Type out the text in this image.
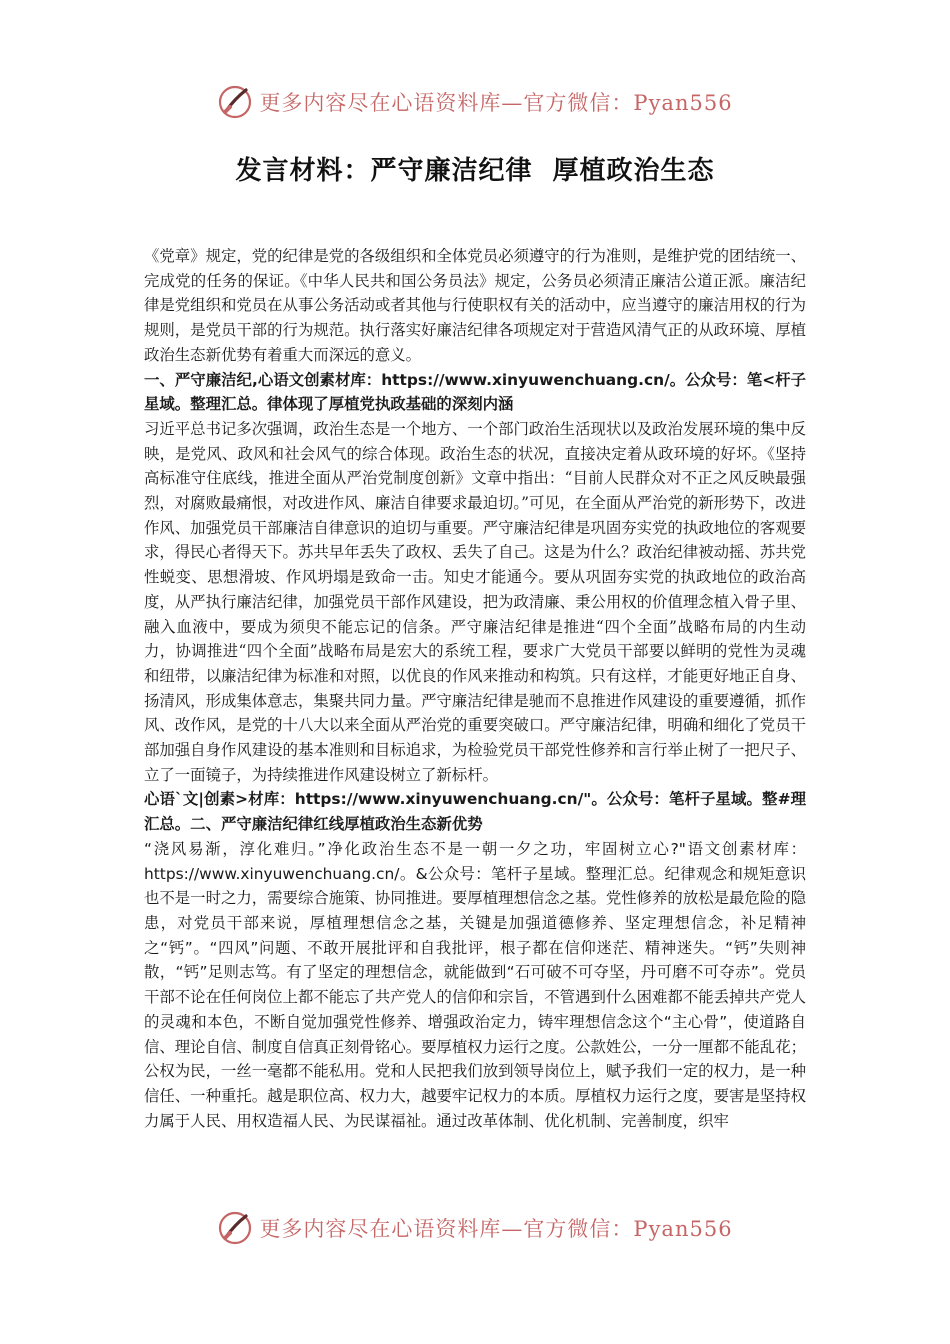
更多内容尽在心语资料库—官方微信：Pyan556
发言材料：严守廉洁纪律  厚植政治生态

《党章》规定，党的纪律是党的各级组织和全体党员必须遵守的行为准则，是维护党的团结统一、完成党的任务的保证。《中华人民共和国公务员法》规定，公务员必须清正廉洁公道正派。廉洁纪律是党组织和党员在从事公务活动或者其他与行使职权有关的活动中，应当遵守的廉洁用权的行为规则，是党员干部的行为规范。执行落实好廉洁纪律各项规定对于营造风清气正的从政环境、厚植政治生态新优势有着重大而深远的意义。

一、严守廉洁纪,心语文创素材库：https://www.xinyuwenchuang.cn/。公众号：笔<杆子星域。整理汇总。律体现了厚植党执政基础的深刻内涵

习近平总书记多次强调，政治生态是一个地方、一个部门政治生活现状以及政治发展环境的集中反映，是党风、政风和社会风气的综合体现。政治生态的状况，直接决定着从政环境的好坏。《坚持高标准守住底线，推进全面从严治党制度创新》文章中指出：“目前人民群众对不正之风反映最强烈，对腐败最痛恨，对改进作风、廉洁自律要求最迫切。”可见，在全面从严治党的新形势下，改进作风、加强党员干部廉洁自律意识的迫切与重要。严守廉洁纪律是巩固夯实党的执政地位的客观要求，得民心者得天下。苏共早年丢失了政权、丢失了自己。这是为什么？政治纪律被动摇、苏共党性蜕变、思想滑坡、作风坍塌是致命一击。知史才能通今。要从巩固夯实党的执政地位的政治高度，从严执行廉洁纪律，加强党员干部作风建设，把为政清廉、秉公用权的价值理念植入骨子里、融入血液中，要成为须臾不能忘记的信条。严守廉洁纪律是推进“四个全面”战略布局的内生动力，协调推进“四个全面”战略布局是宏大的系统工程，要求广大党员干部要以鲜明的党性为灵魂和纽带，以廉洁纪律为标准和对照，以优良的作风来推动和构筑。只有这样，才能更好地正自身、扬清风，形成集体意志，集聚共同力量。严守廉洁纪律是驰而不息推进作风建设的重要遵循，抓作风、改作风，是党的十八大以来全面从严治党的重要突破口。严守廉洁纪律，明确和细化了党员干部加强自身作风建设的基本准则和目标追求，为检验党员干部党性修养和言行举止树了一把尺子、立了一面镜子，为持续推进作风建设树立了新标杆。

心语`文|创素>材库：https://www.xinyuwenchuang.cn/"。公众号：笔杆子星域。整#理汇总。二、严守廉洁纪律红线厚植政治生态新优势

“浇风易渐，淳化难归。”净化政治生态不是一朝一夕之功，牢固树立心?"语文创素材库：https://www.xinyuwenchuang.cn/。&公众号：笔杆子星域。整理汇总。纪律观念和规矩意识也不是一时之力，需要综合施策、协同推进。要厚植理想信念之基。党性修养的放松是最危险的隐患，对党员干部来说，厚植理想信念之基，关键是加强道德修养、坚定理想信念，补足精神之“钙”。“四风”问题、不敢开展批评和自我批评，根子都在信仰迷茫、精神迷失。“钙”失则神散，“钙”足则志笃。有了坚定的理想信念，就能做到“石可破不可夺坚，丹可磨不可夺赤”。党员干部不论在任何岗位上都不能忘了共产党人的信仰和宗旨，不管遇到什么困难都不能丢掉共产党人的灵魂和本色，不断自觉加强党性修养、增强政治定力，铸牢理想信念这个“主心骨”，使道路自信、理论自信、制度自信真正刻骨铭心。要厚植权力运行之度。公款姓公，一分一厘都不能乱花；公权为民，一丝一毫都不能私用。党和人民把我们放到领导岗位上，赋予我们一定的权力，是一种信任、一种重托。越是职位高、权力大，越要牢记权力的本质。厚植权力运行之度，要害是坚持权力属于人民、用权造福人民、为民谋福祉。通过改革体制、优化机制、完善制度，织牢

更多内容尽在心语资料库—官方微信：Pyan556
